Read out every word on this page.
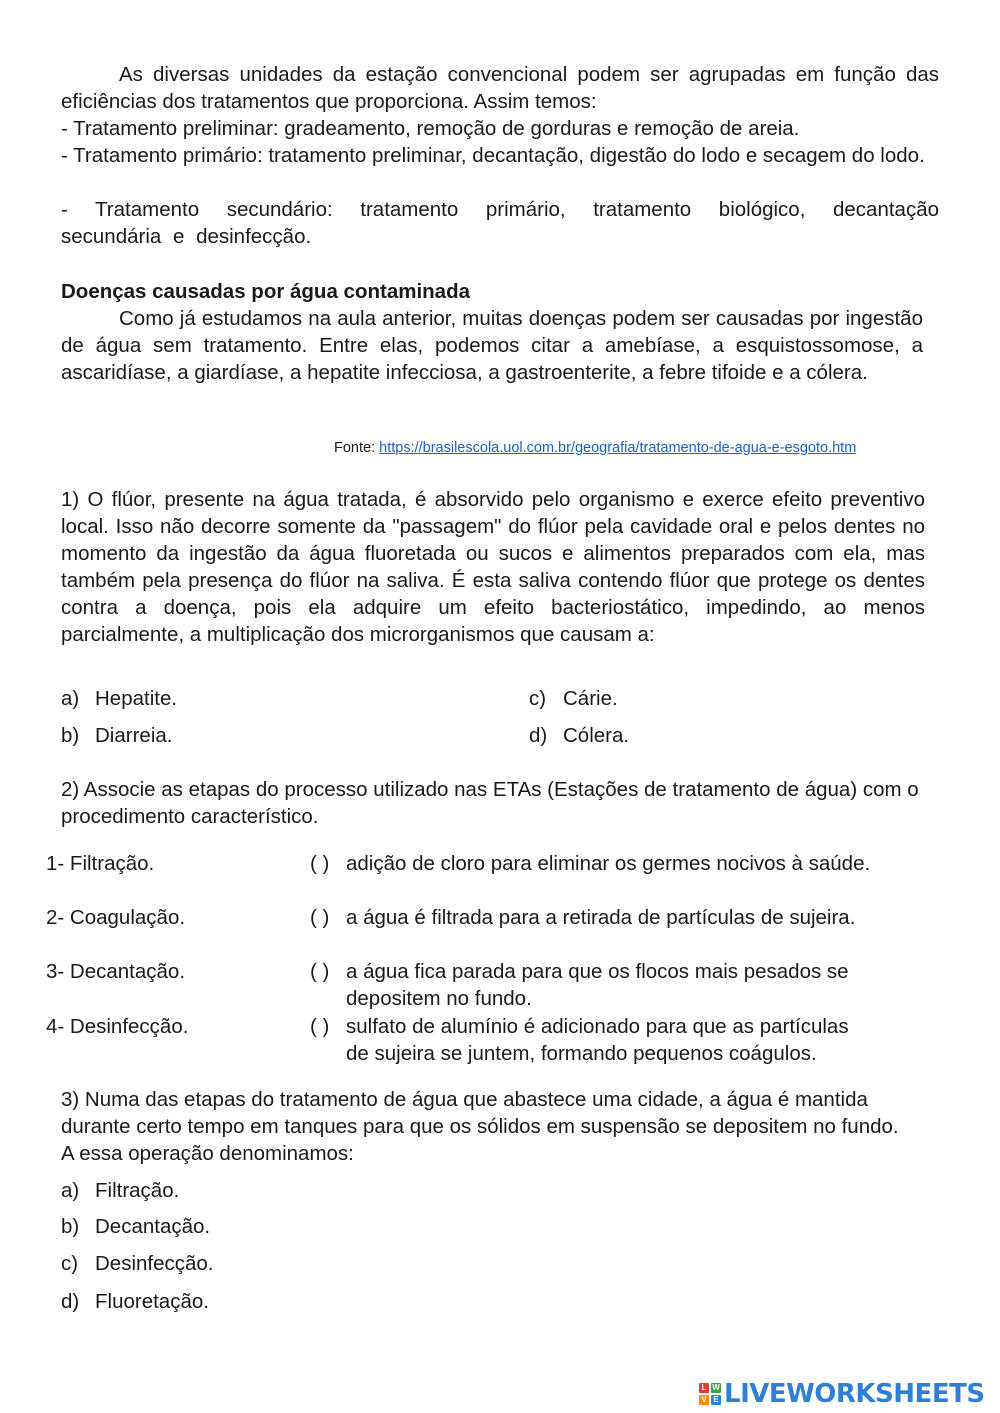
As diversas unidades da estação convencional podem ser agrupadas em função das eficiências dos tratamentos que proporciona. Assim temos:
- Tratamento preliminar: gradeamento, remoção de gorduras e remoção de areia.
- Tratamento primário: tratamento preliminar, decantação, digestão do lodo e secagem do lodo.
- Tratamento secundário: tratamento primário, tratamento biológico, decantação secundária e desinfecção.
Doenças causadas por água contaminada
Como já estudamos na aula anterior, muitas doenças podem ser causadas por ingestão de água sem tratamento. Entre elas, podemos citar a amebíase, a esquistossomose, a ascaridíase, a giardíase, a hepatite infecciosa, a gastroenterite, a febre tifoide e a cólera.
Fonte: https://brasilescola.uol.com.br/geografia/tratamento-de-agua-e-esgoto.htm
1) O flúor, presente na água tratada, é absorvido pelo organismo e exerce efeito preventivo local. Isso não decorre somente da "passagem" do flúor pela cavidade oral e pelos dentes no momento da ingestão da água fluoretada ou sucos e alimentos preparados com ela, mas também pela presença do flúor na saliva. É esta saliva contendo flúor que protege os dentes contra a doença, pois ela adquire um efeito bacteriostático, impedindo, ao menos parcialmente, a multiplicação dos microrganismos que causam a:
a) Hepatite.
b) Diarreia.
c) Cárie.
d) Cólera.
2) Associe as etapas do processo utilizado nas ETAs (Estações de tratamento de água) com o procedimento característico.
1- Filtração.
2- Coagulação.
3- Decantação.
4- Desinfecção.
( ) adição de cloro para eliminar os germes nocivos à saúde.
( ) a água é filtrada para a retirada de partículas de sujeira.
( ) a água fica parada para que os flocos mais pesados se
depositem no fundo.
( ) sulfato de alumínio é adicionado para que as partículas
de sujeira se juntem, formando pequenos coágulos.
3) Numa das etapas do tratamento de água que abastece uma cidade, a água é mantida durante certo tempo em tanques para que os sólidos em suspensão se depositem no fundo. A essa operação denominamos:
a) Filtração.
b) Decantação.
c) Desinfecção.
d) Fluoretação.
L W
V E LIVEWORKSHEETS
